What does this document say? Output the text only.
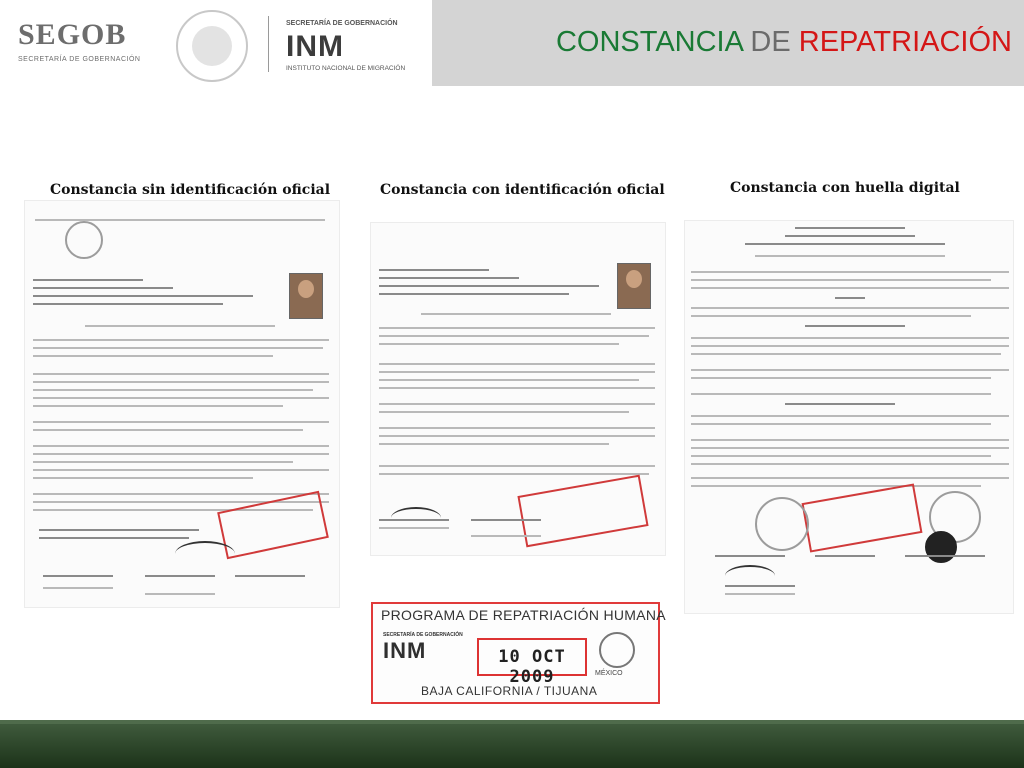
SEGOB
SECRETARÍA DE GOBERNACIÓN
SECRETARÍA DE GOBERNACIÓN
INM
INSTITUTO NACIONAL DE MIGRACIÓN
CONSTANCIA DE REPATRIACIÓN
Constancia sin identificación oficial	Constancia con identificación oficial	Constancia con huella digital
PROGRAMA DE REPATRIACIÓN HUMANA
SECRETARÍA DE GOBERNACIÓN
INM	10 OCT 2009	MÉXICO
BAJA CALIFORNIA / TIJUANA
